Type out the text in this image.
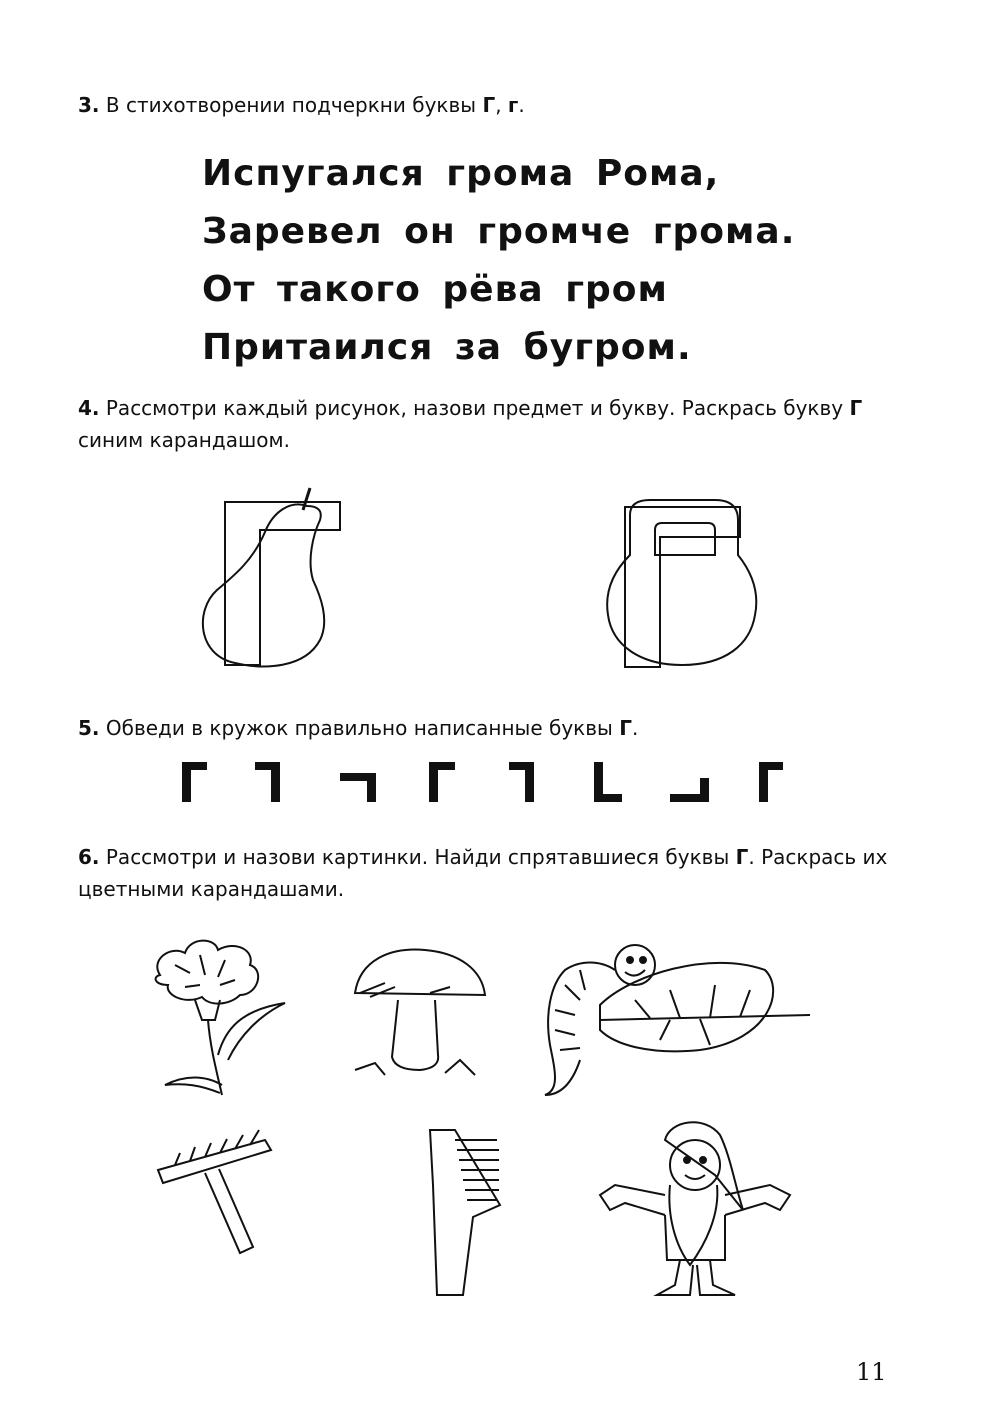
3. В стихотворении подчеркни буквы Г, г.
Испугался грома Рома,
Заревел он громче грома.
От такого рёва гром
Притаился за бугром.
4. Рассмотри каждый рисунок, назови предмет и букву. Раскрась букву Г синим карандашом.
5. Обведи в кружок правильно написанные буквы Г.
6. Рассмотри и назови картинки. Найди спрятавшиеся буквы Г. Раскрась их цветными карандашами.
11
